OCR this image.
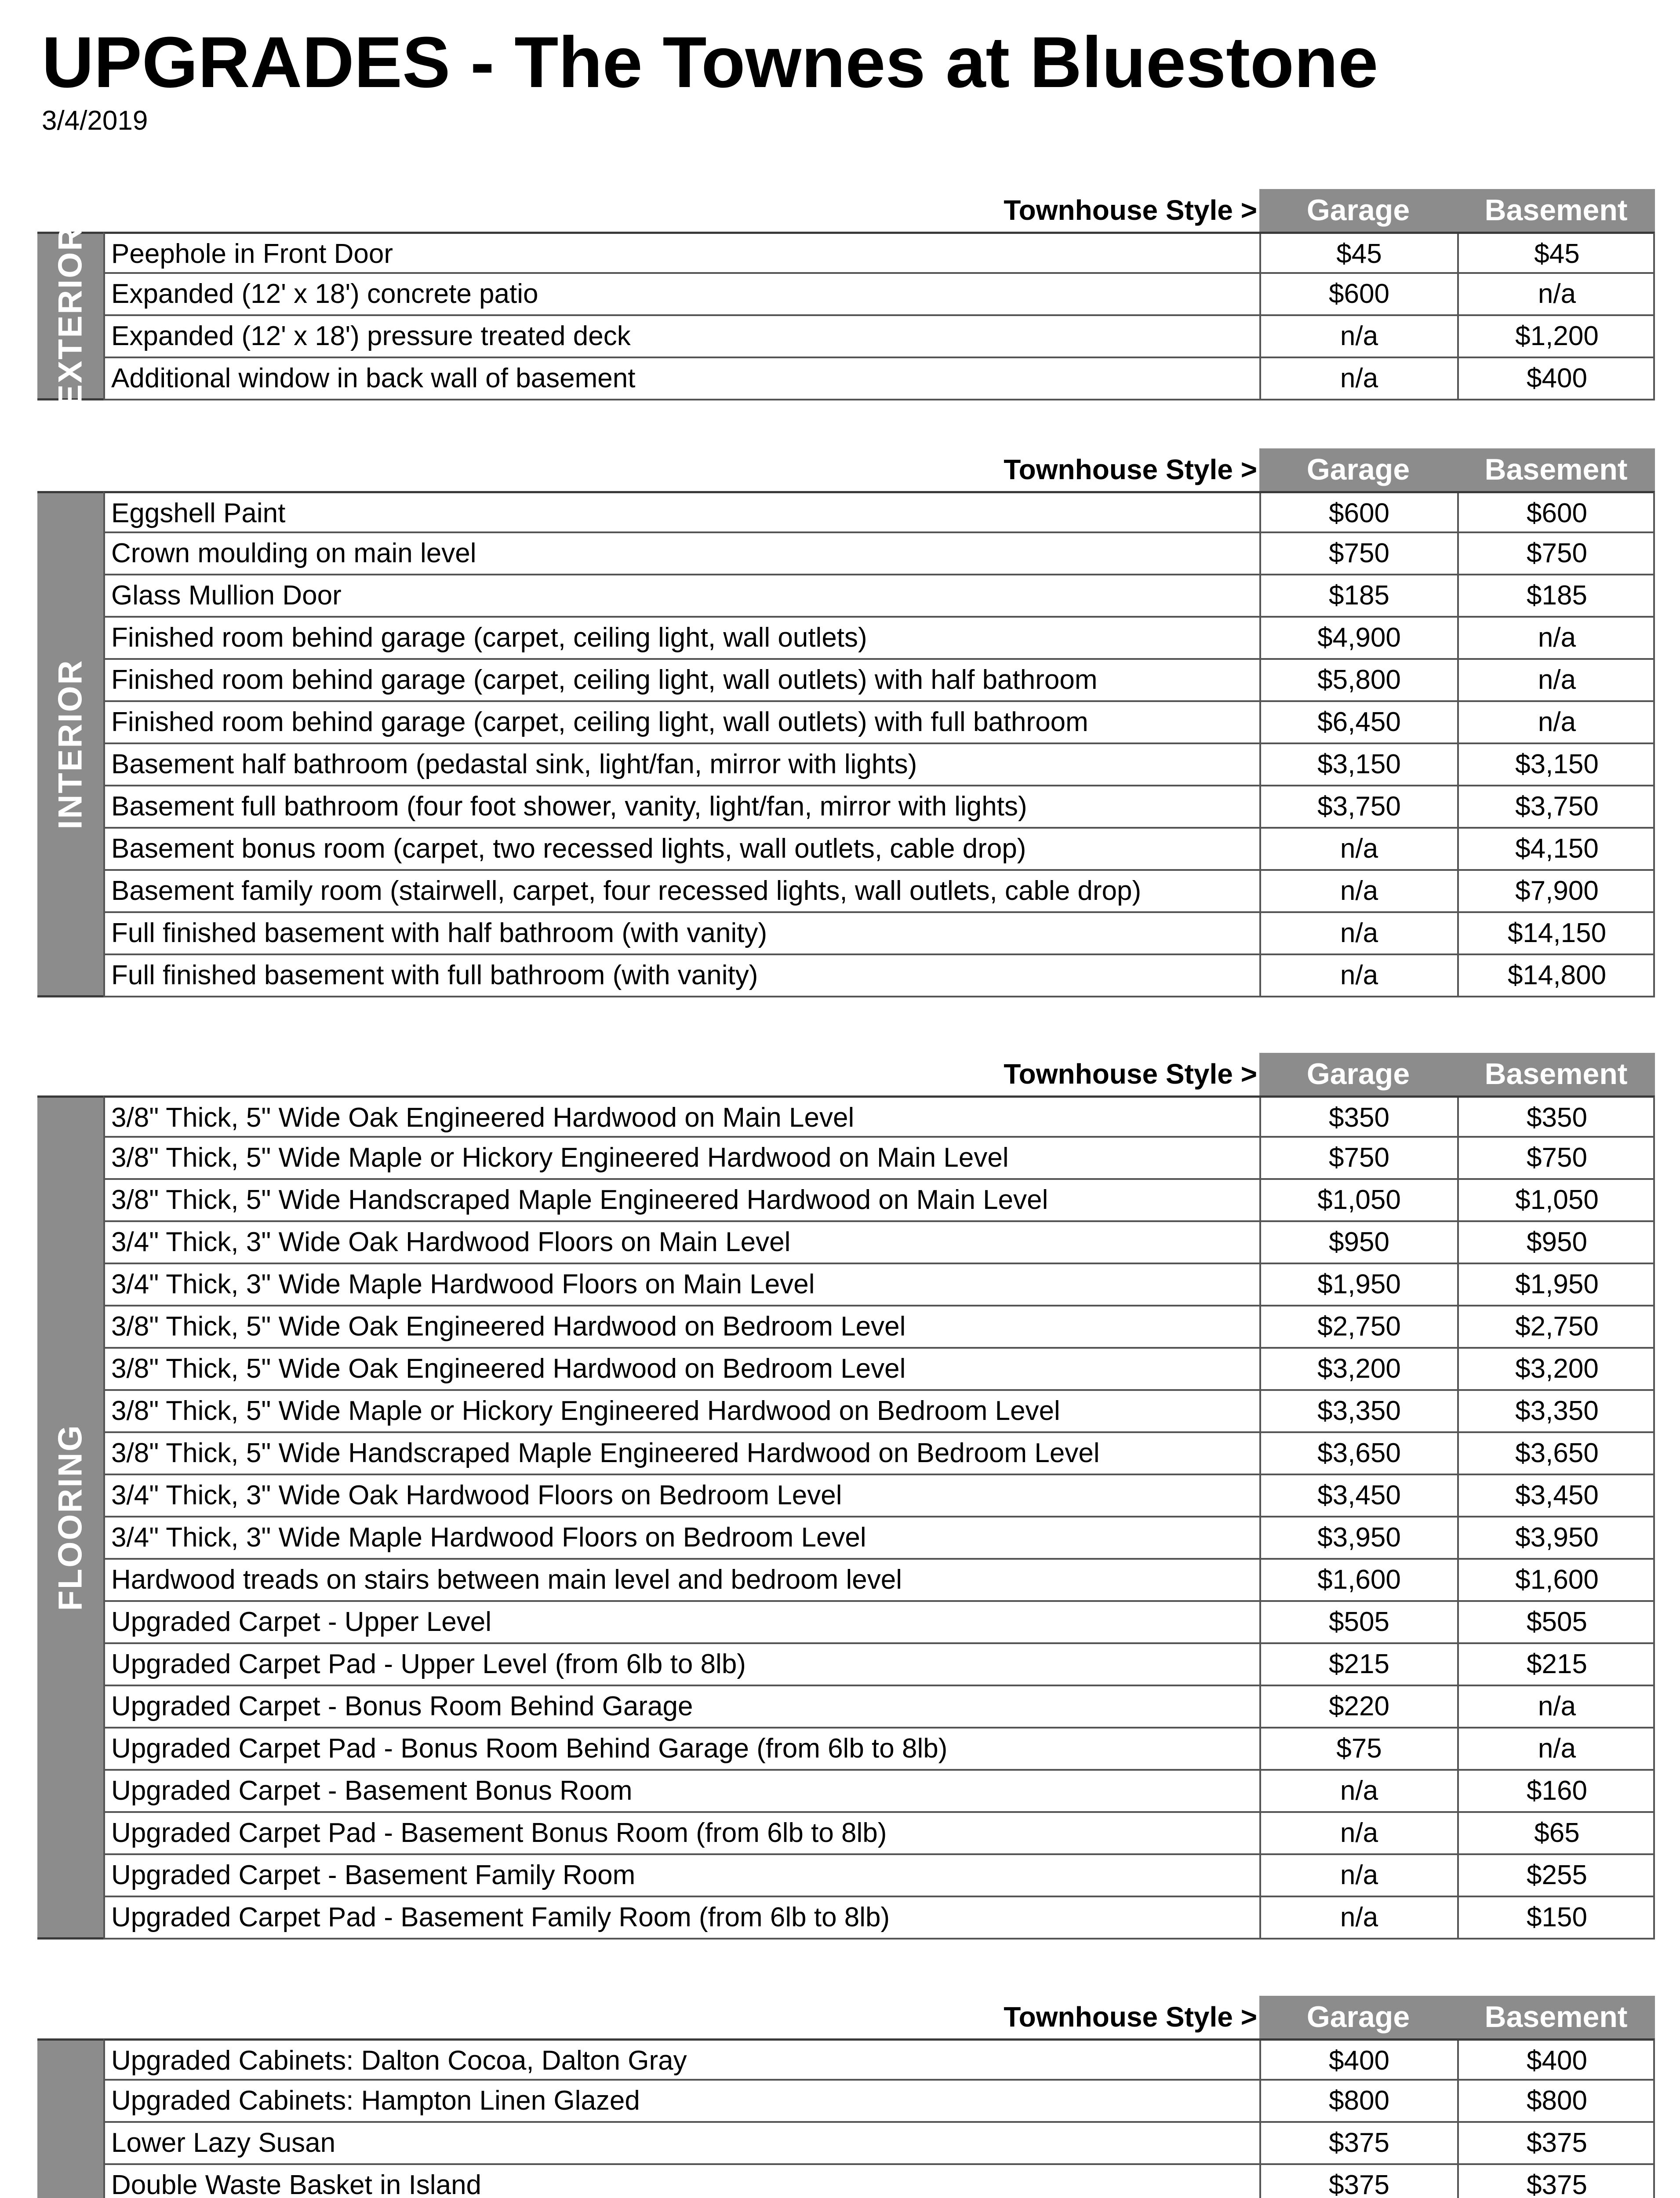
UPGRADES - The Townes at Bluestone
3/4/2019
Townhouse Style >	Garage	Basement
EXTERIOR Peephole in Front Door	$45	$45
Expanded (12' x 18') concrete patio	$600	n/a
Expanded (12' x 18') pressure treated deck	n/a	$1,200
Additional window in back wall of basement	n/a	$400
Townhouse Style >	Garage	Basement
INTERIOR
Eggshell Paint	$600	$600
Crown moulding on main level	$750	$750
Glass Mullion Door	$185	$185
Finished room behind garage (carpet, ceiling light, wall outlets)	$4,900	n/a
Finished room behind garage (carpet, ceiling light, wall outlets) with half bathroom	$5,800	n/a
Finished room behind garage (carpet, ceiling light, wall outlets) with full bathroom	$6,450	n/a
Basement half bathroom (pedastal sink, light/fan, mirror with lights)	$3,150	$3,150
Basement full bathroom (four foot shower, vanity, light/fan, mirror with lights)	$3,750	$3,750
Basement bonus room (carpet, two recessed lights, wall outlets, cable drop)	n/a	$4,150
Basement family room (stairwell, carpet, four recessed lights, wall outlets, cable drop)	n/a	$7,900
Full finished basement with half bathroom (with vanity)	n/a	$14,150
Full finished basement with full bathroom (with vanity)	n/a	$14,800
Townhouse Style >	Garage	Basement
FLOORING
3/8" Thick, 5" Wide Oak Engineered Hardwood on Main Level	$350	$350
3/8" Thick, 5" Wide Maple or Hickory Engineered Hardwood on Main Level	$750	$750
3/8" Thick, 5" Wide Handscraped Maple Engineered Hardwood on Main Level	$1,050	$1,050
3/4" Thick, 3" Wide Oak Hardwood Floors on Main Level	$950	$950
3/4" Thick, 3" Wide Maple Hardwood Floors on Main Level	$1,950	$1,950
3/8" Thick, 5" Wide Oak Engineered Hardwood on Bedroom Level	$2,750	$2,750
3/8" Thick, 5" Wide Oak Engineered Hardwood on Bedroom Level	$3,200	$3,200
3/8" Thick, 5" Wide Maple or Hickory Engineered Hardwood on Bedroom Level	$3,350	$3,350
3/8" Thick, 5" Wide Handscraped Maple Engineered Hardwood on Bedroom Level	$3,650	$3,650
3/4" Thick, 3" Wide Oak Hardwood Floors on Bedroom Level	$3,450	$3,450
3/4" Thick, 3" Wide Maple Hardwood Floors on Bedroom Level	$3,950	$3,950
Hardwood treads on stairs between main level and bedroom level	$1,600	$1,600
Upgraded Carpet - Upper Level	$505	$505
Upgraded Carpet Pad - Upper Level (from 6lb to 8lb)	$215	$215
Upgraded Carpet - Bonus Room Behind Garage	$220	n/a
Upgraded Carpet Pad - Bonus Room Behind Garage (from 6lb to 8lb)	$75	n/a
Upgraded Carpet - Basement Bonus Room	n/a	$160
Upgraded Carpet Pad - Basement Bonus Room (from 6lb to 8lb)	n/a	$65
Upgraded Carpet - Basement Family Room	n/a	$255
Upgraded Carpet Pad - Basement Family Room (from 6lb to 8lb)	n/a	$150
Townhouse Style >	Garage	Basement
Upgraded Cabinets: Dalton Cocoa, Dalton Gray	$400	$400
Upgraded Cabinets: Hampton Linen Glazed	$800	$800
Lower Lazy Susan	$375	$375
Double Waste Basket in Island	$375	$375
